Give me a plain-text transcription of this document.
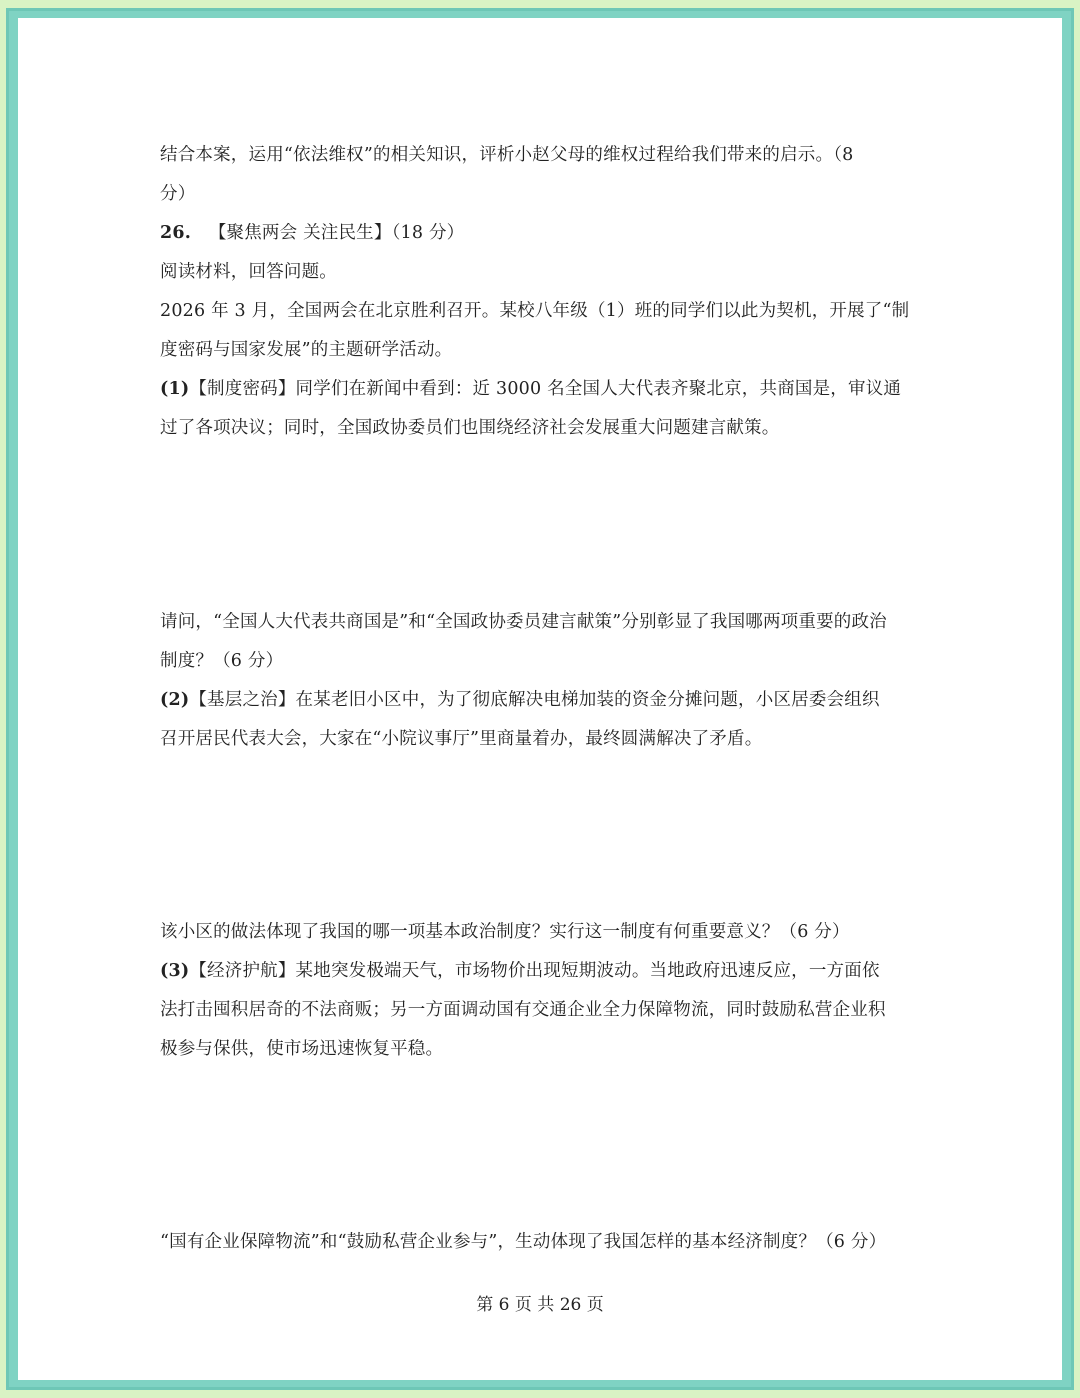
结合本案，运用“依法维权”的相关知识，评析小赵父母的维权过程给我们带来的启示。（8
分）
26. 【聚焦两会 关注民生】（18 分）
阅读材料，回答问题。
2026 年 3 月，全国两会在北京胜利召开。某校八年级（1）班的同学们以此为契机，开展了“制
度密码与国家发展”的主题研学活动。
(1)【制度密码】同学们在新闻中看到：近 3000 名全国人大代表齐聚北京，共商国是，审议通
过了各项决议；同时，全国政协委员们也围绕经济社会发展重大问题建言献策。
请问，“全国人大代表共商国是”和“全国政协委员建言献策”分别彰显了我国哪两项重要的政治
制度？（6 分）
(2)【基层之治】在某老旧小区中，为了彻底解决电梯加装的资金分摊问题，小区居委会组织
召开居民代表大会，大家在“小院议事厅”里商量着办，最终圆满解决了矛盾。
该小区的做法体现了我国的哪一项基本政治制度？实行这一制度有何重要意义？（6 分）
(3)【经济护航】某地突发极端天气，市场物价出现短期波动。当地政府迅速反应，一方面依
法打击囤积居奇的不法商贩；另一方面调动国有交通企业全力保障物流，同时鼓励私营企业积
极参与保供，使市场迅速恢复平稳。
“国有企业保障物流”和“鼓励私营企业参与”，生动体现了我国怎样的基本经济制度？（6 分）
第 6 页 共 26 页
